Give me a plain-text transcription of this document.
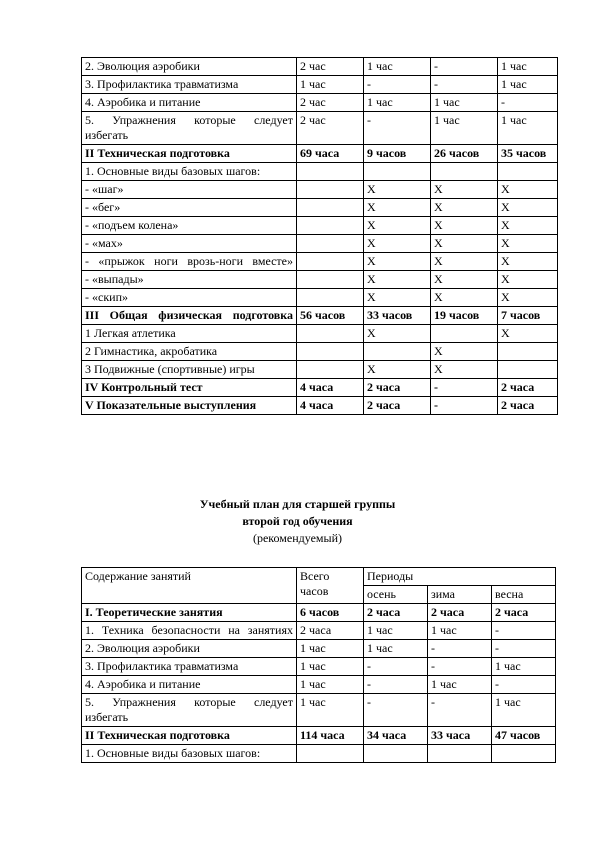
2. Эволюция аэробики	2 час	1 час	-	1 час
3. Профилактика травматизма	1 час	-	-	1 час
4. Аэробика и питание	2 час	1 час	1 час	-
5. Упражнения которые следует избегать	2 час	-	1 час	1 час
II Техническая подготовка	69 часа	9 часов	26 часов	35 часов
1. Основные виды базовых шагов:				
- «шаг»		X	X	X
- «бег»		X	X	X
- «подъем колена»		X	X	X
- «мах»		X	X	X
- «прыжок ноги врозь-ноги вместе»		X	X	X
- «выпады»		X	X	X
- «скип»		X	X	X
III Общая физическая подготовка	56 часов	33 часов	19 часов	7 часов
1 Легкая атлетика		X		X
2 Гимнастика, акробатика			X	
3 Подвижные (спортивные) игры		X	X	
IV Контрольный тест	4 часа	2 часа	-	2 часа
V Показательные выступления	4 часа	2 часа	-	2 часа
Учебный план для старшей группы
второй год обучения
(рекомендуемый)
Содержание занятий	Всего часов	Периоды		
		осень	зима	весна
I. Теоретические занятия	6 часов	2 часа	2 часа	2 часа
1. Техника безопасности на занятиях	2 часа	1 час	1 час	-
2. Эволюция аэробики	1 час	1 час	-	-
3. Профилактика травматизма	1 час	-	-	1 час
4. Аэробика и питание	1 час	-	1 час	-
5. Упражнения которые следует избегать	1 час	-	-	1 час
II Техническая подготовка	114 часа	34 часа	33 часа	47 часов
1. Основные виды базовых шагов:				
